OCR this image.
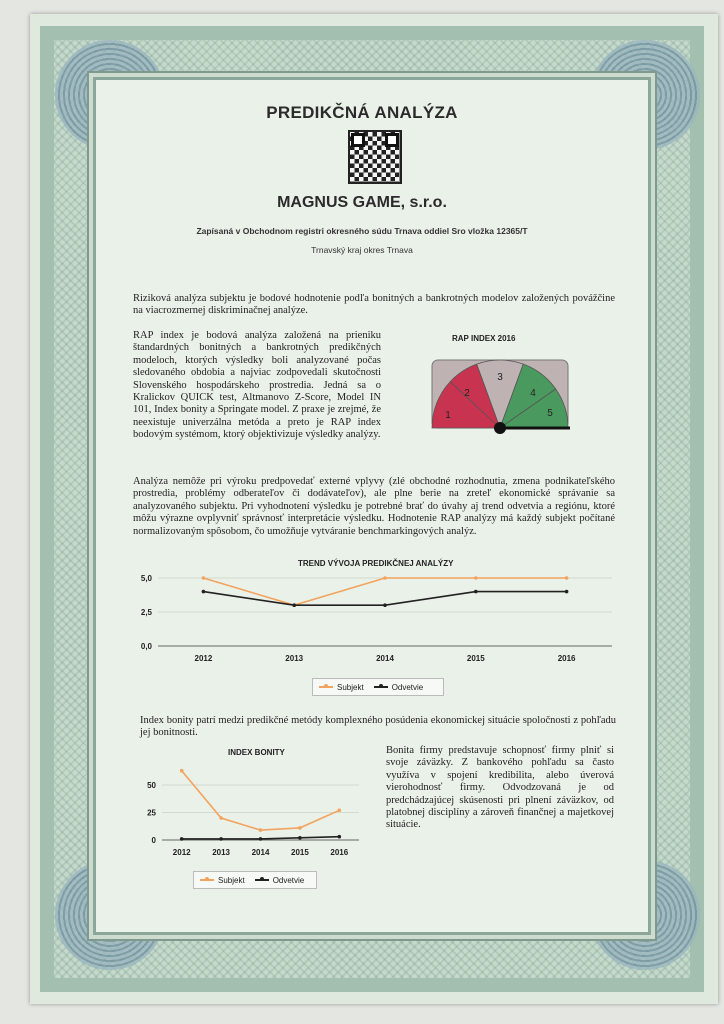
PREDIKČNÁ ANALÝZA
MAGNUS GAME, s.r.o.
Zapísaná v Obchodnom registri okresného súdu Trnava oddiel Sro vložka 12365/T
Trnavský kraj okres Trnava
Riziková analýza subjektu je bodové hodnotenie podľa bonitných a bankrotných modelov založených povážčine na viacrozmernej diskriminačnej analýze.
RAP index je bodová analýza založená na prieniku štandardných bonitných a bankrotných predikčných modeloch, ktorých výsledky boli analyzované počas sledovaného obdobia a najviac zodpovedali skutočnosti Slovenského hospodárskeho prostredia. Jedná sa o Kralickov QUICK test, Altmanovo Z-Score, Model IN 101, Index bonity a Springate model. Z praxe je zrejmé, že neexistuje univerzálna metóda a preto je RAP index bodovým systémom, ktorý objektivizuje výsledky analýzy.
RAP INDEX 2016
1
2
3
4
5
Analýza nemôže pri výroku predpovedať externé vplyvy (zlé obchodné rozhodnutia, zmena podnikateľského prostredia, problémy odberateľov či dodávateľov), ale plne berie na zreteľ ekonomické správanie sa analyzovaného subjektu. Pri vyhodnotení výsledku je potrebné brať do úvahy aj trend odvetvia a regiónu, ktoré môžu výrazne ovplyvniť správnosť interpretácie výsledku. Hodnotenie RAP analýzy má každý subjekt počítané normalizovaným spôsobom, čo umožňuje vytváranie benchmarkingových analýz.
TREND VÝVOJA PREDIKČNEJ ANALÝZY
0,0
2,5
5,0
2012	2013	2014	2015	2016
Subjekt	Odvetvie
Index bonity patrí medzi predikčné metódy komplexného posúdenia ekonomickej situácie spoločnosti z pohľadu jej bonitnosti.
INDEX BONITY
0
25
50
2012	2013	2014	2015	2016
Subjekt	Odvetvie
Bonita firmy predstavuje schopnosť firmy plniť si svoje záväzky. Z bankového pohľadu sa často využíva v spojení kredibilita, alebo úverová vierohodnosť firmy. Odvodzovaná je od predchádzajúcej skúsenosti pri plnení záväzkov, od platobnej disciplíny a zároveň finančnej a majetkovej situácie.
